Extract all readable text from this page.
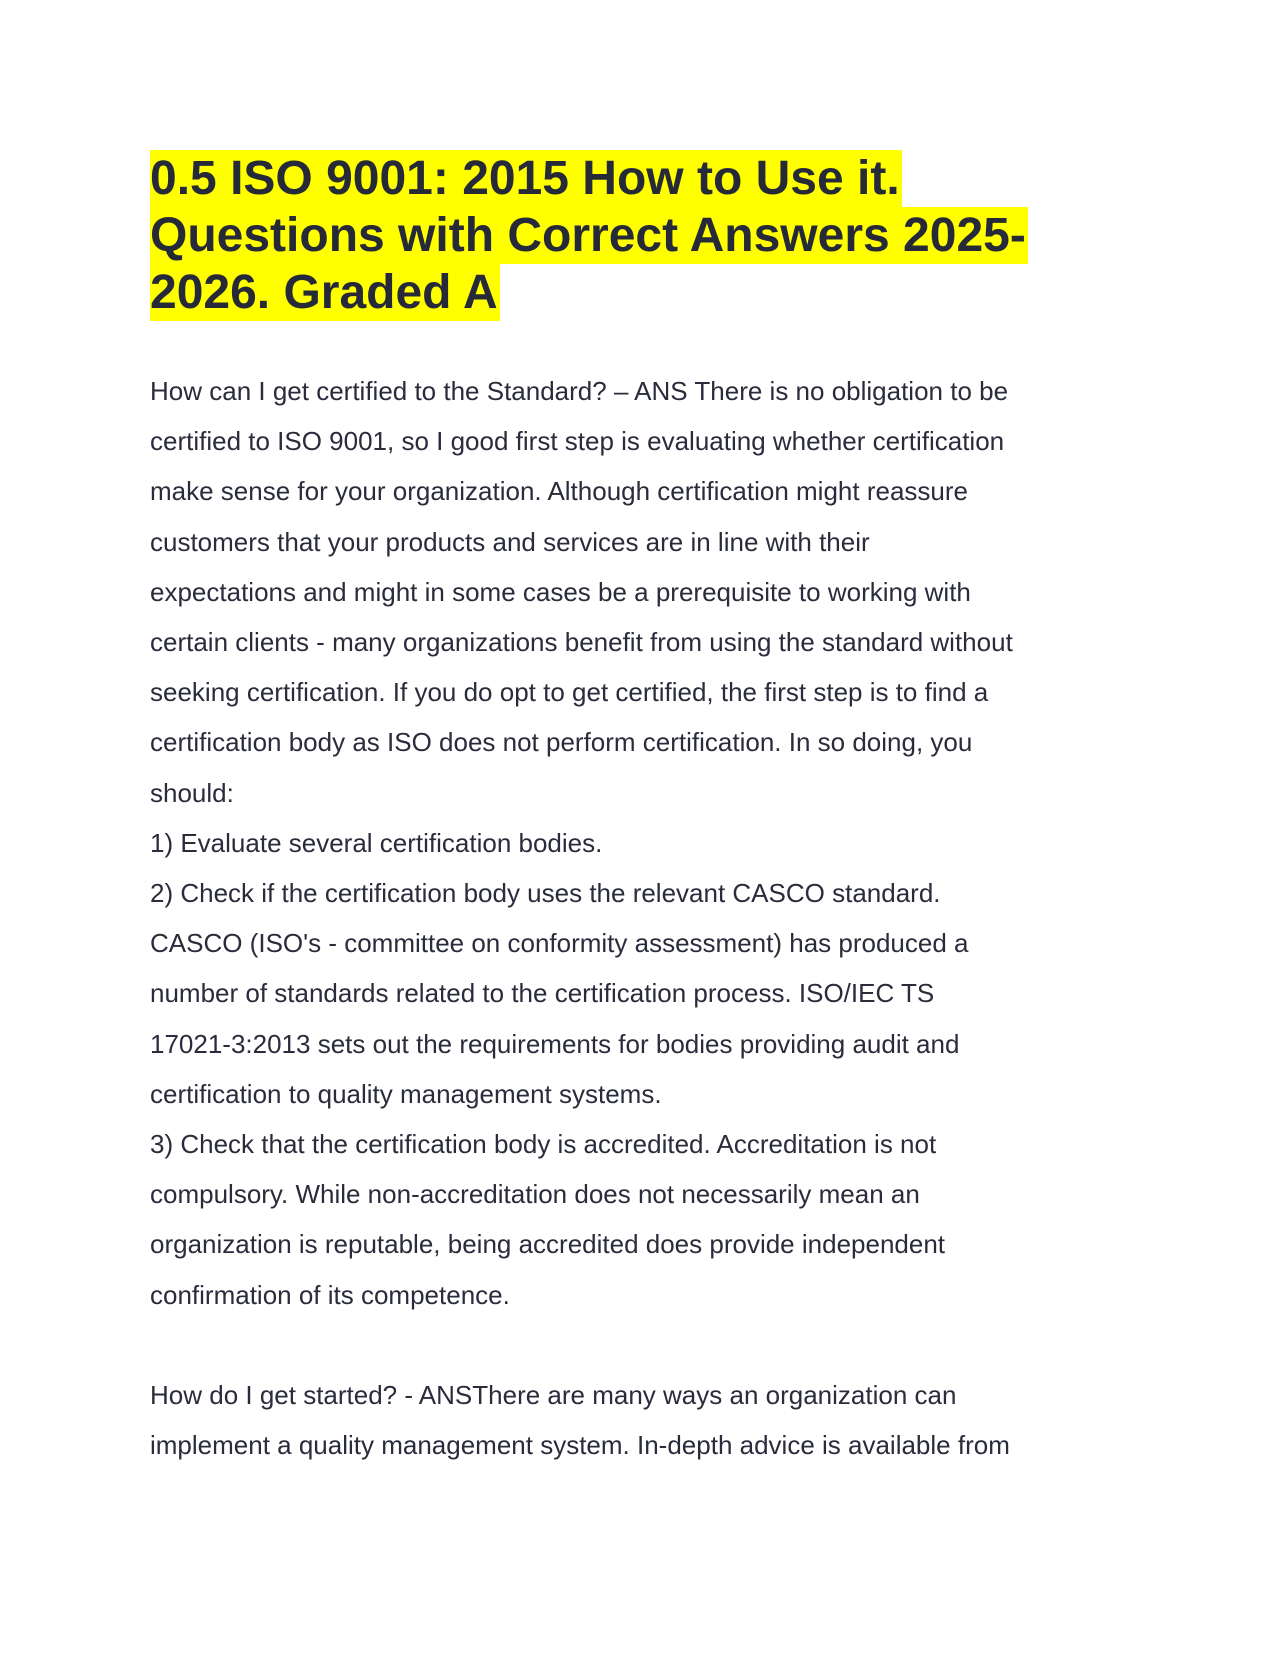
0.5 ISO 9001: 2015 How to Use it.
Questions with Correct Answers 2025-
2026. Graded A

How can I get certified to the Standard? – ANS There is no obligation to be
certified to ISO 9001, so I good first step is evaluating whether certification
make sense for your organization. Although certification might reassure
customers that your products and services are in line with their
expectations and might in some cases be a prerequisite to working with
certain clients - many organizations benefit from using the standard without
seeking certification. If you do opt to get certified, the first step is to find a
certification body as ISO does not perform certification. In so doing, you
should:
1) Evaluate several certification bodies.
2) Check if the certification body uses the relevant CASCO standard.
CASCO (ISO's - committee on conformity assessment) has produced a
number of standards related to the certification process. ISO/IEC TS
17021-3:2013 sets out the requirements for bodies providing audit and
certification to quality management systems.
3) Check that the certification body is accredited. Accreditation is not
compulsory. While non-accreditation does not necessarily mean an
organization is reputable, being accredited does provide independent
confirmation of its competence.

How do I get started? - ANSThere are many ways an organization can
implement a quality management system. In-depth advice is available from
